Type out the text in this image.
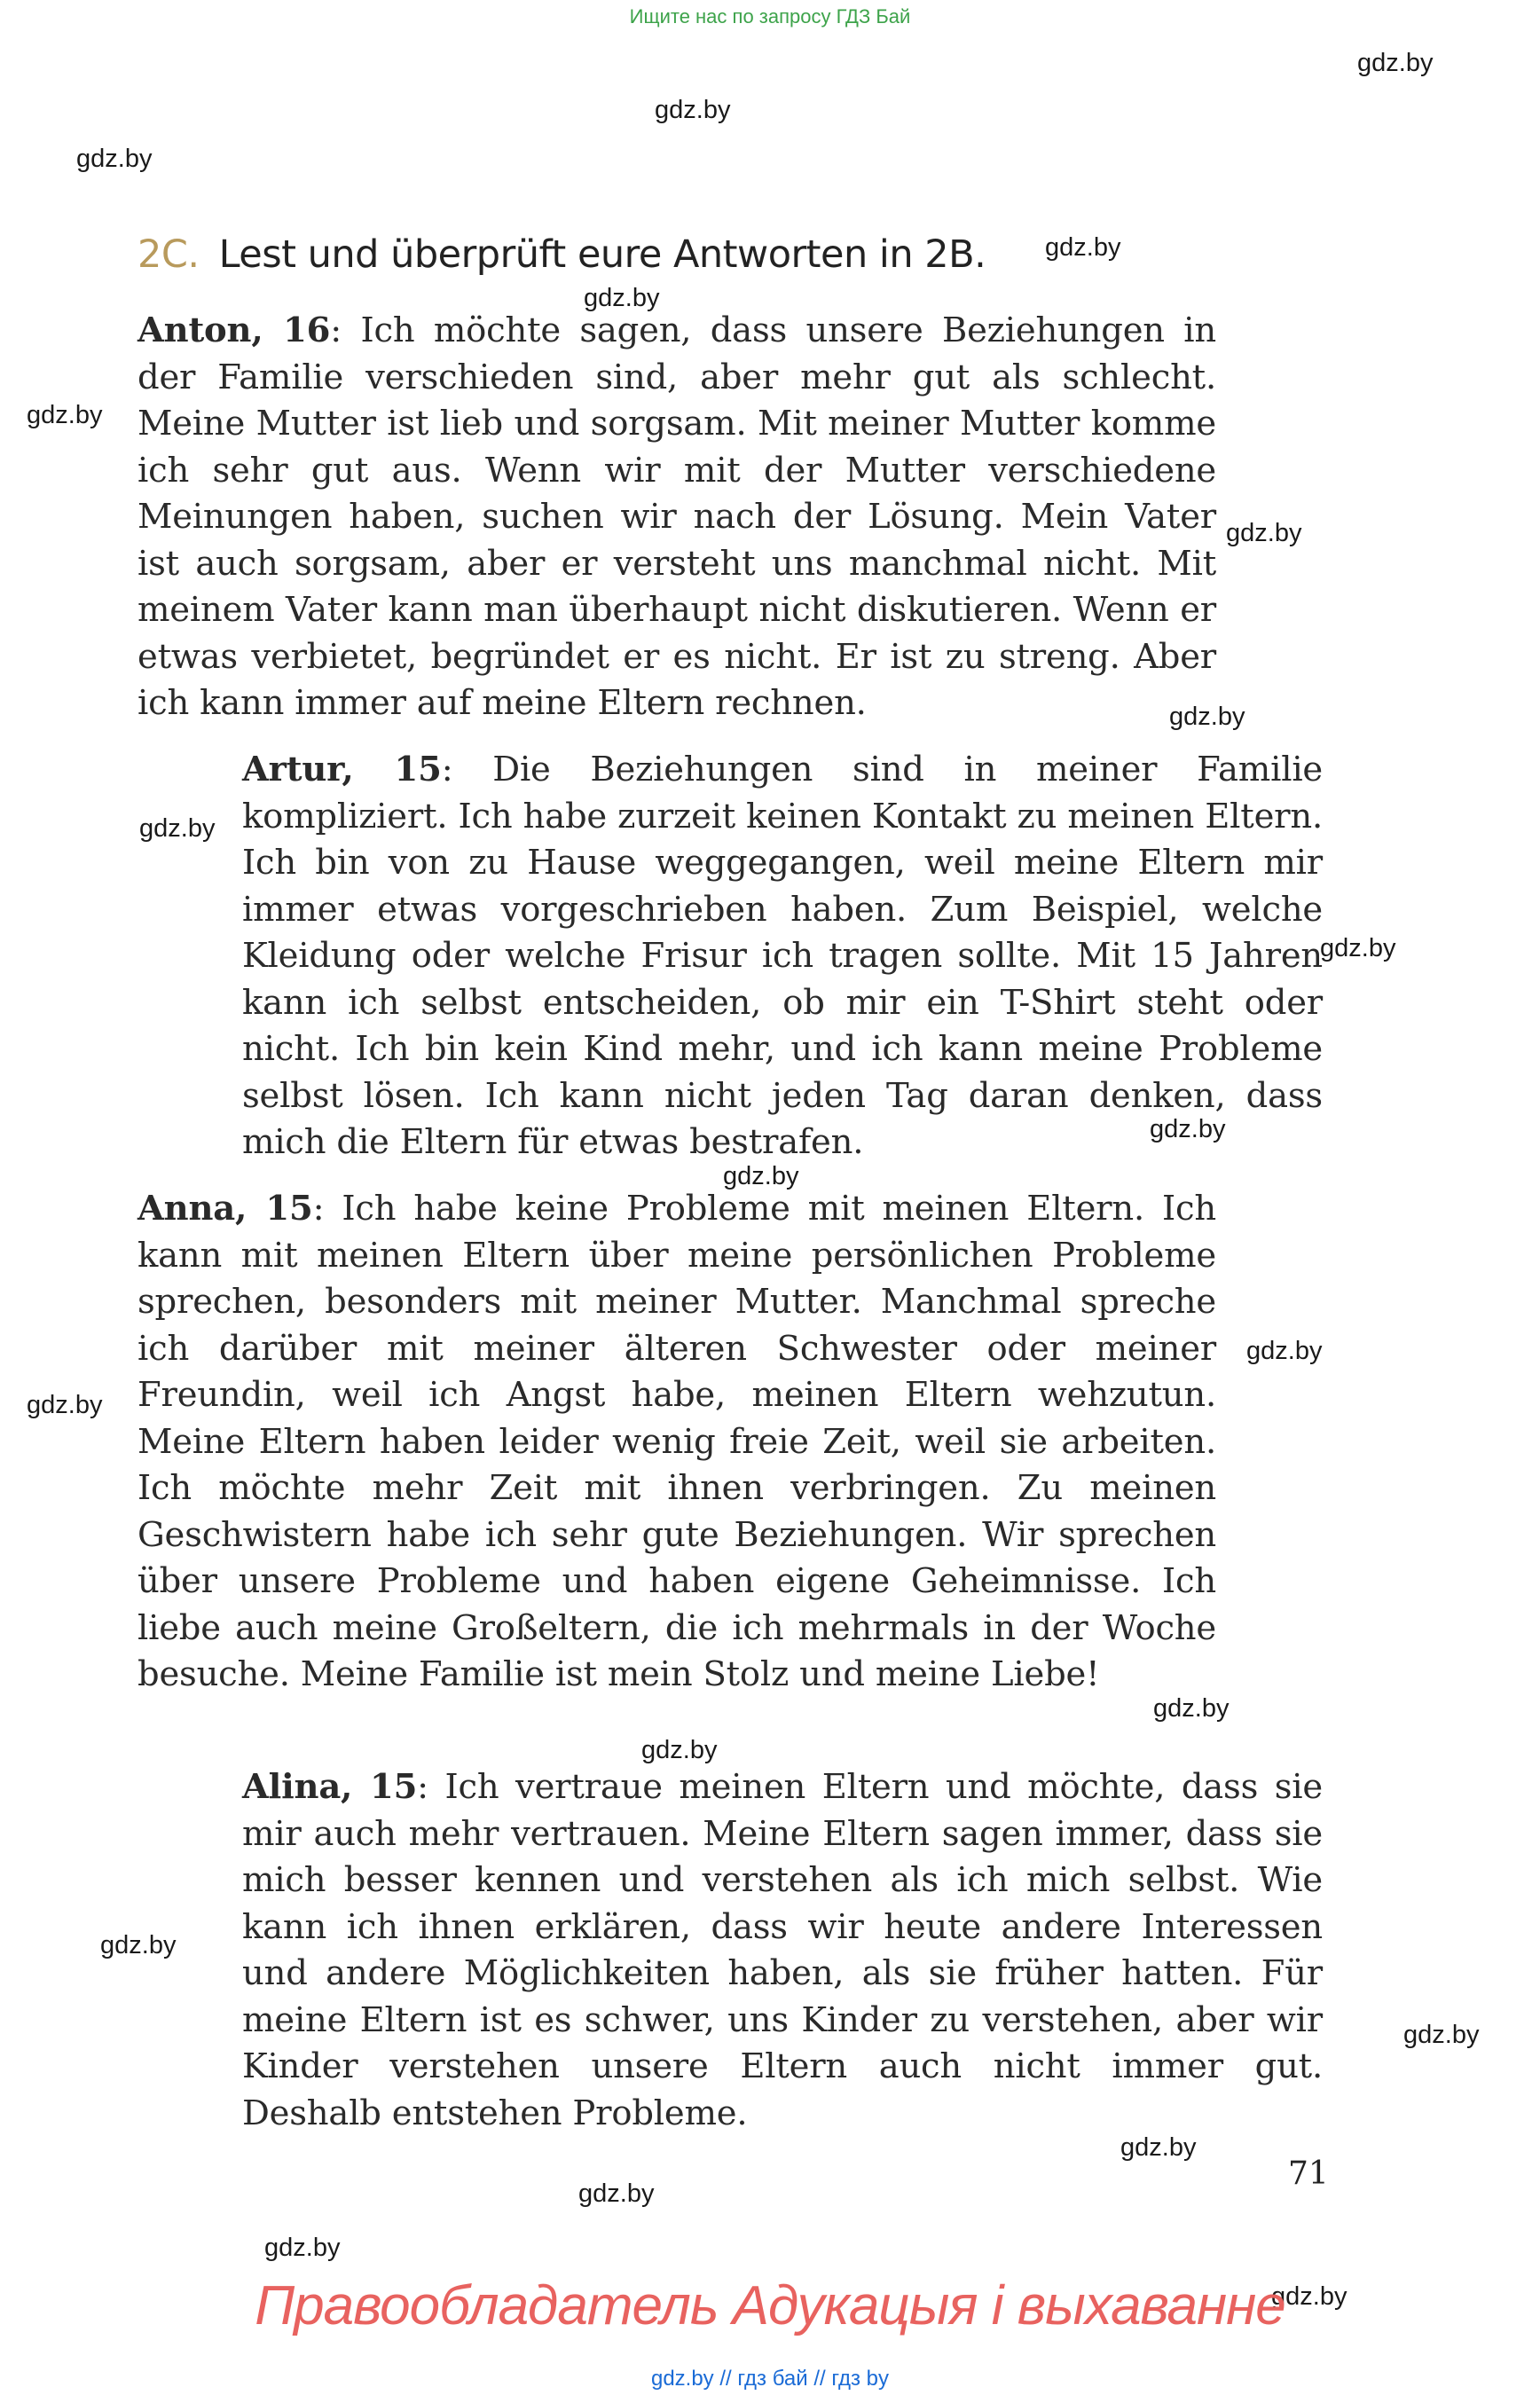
Ищите нас по запросу ГДЗ Бай
gdz.by
gdz.by
gdz.by
gdz.by
gdz.by
gdz.by
gdz.by
gdz.by
gdz.by
gdz.by
gdz.by
gdz.by
gdz.by
gdz.by
gdz.by
gdz.by
gdz.by
gdz.by
gdz.by
gdz.by
gdz.by
gdz.by
2C. Lest und überprüft eure Antworten in 2B.
Anton, 16: Ich möchte sagen, dass unsere Beziehungen in der Familie verschieden sind, aber mehr gut als schlecht. Meine Mutter ist lieb und sorgsam. Mit meiner Mutter komme ich sehr gut aus. Wenn wir mit der Mutter verschiedene Meinungen haben, suchen wir nach der Lösung. Mein Vater ist auch sorgsam, aber er versteht uns manchmal nicht. Mit meinem Vater kann man überhaupt nicht diskutieren. Wenn er etwas verbietet, begründet er es nicht. Er ist zu streng. Aber ich kann immer auf meine Eltern rechnen.
Artur, 15: Die Beziehungen sind in meiner Familie kompliziert. Ich habe zurzeit keinen Kontakt zu meinen Eltern. Ich bin von zu Hause weggegangen, weil meine Eltern mir immer etwas vorgeschrieben haben. Zum Beispiel, welche Kleidung oder welche Frisur ich tragen sollte. Mit 15 Jahren kann ich selbst entscheiden, ob mir ein T-Shirt steht oder nicht. Ich bin kein Kind mehr, und ich kann meine Probleme selbst lösen. Ich kann nicht jeden Tag daran denken, dass mich die Eltern für etwas bestrafen.
Anna, 15: Ich habe keine Probleme mit meinen Eltern. Ich kann mit meinen Eltern über meine persönlichen Probleme sprechen, besonders mit meiner Mutter. Manchmal spreche ich darüber mit meiner älteren Schwester oder meiner Freundin, weil ich Angst habe, meinen Eltern wehzutun. Meine Eltern haben leider wenig freie Zeit, weil sie arbeiten. Ich möchte mehr Zeit mit ihnen verbringen. Zu meinen Geschwistern habe ich sehr gute Beziehungen. Wir sprechen über unsere Probleme und haben eigene Geheimnisse. Ich liebe auch meine Großeltern, die ich mehrmals in der Woche besuche. Meine Familie ist mein Stolz und meine Liebe!
Alina, 15: Ich vertraue meinen Eltern und möchte, dass sie mir auch mehr vertrauen. Meine Eltern sagen immer, dass sie mich besser kennen und verstehen als ich mich selbst. Wie kann ich ihnen erklären, dass wir heute andere Interessen und andere Möglichkeiten haben, als sie früher hatten. Für meine Eltern ist es schwer, uns Kinder zu verstehen, aber wir Kinder verstehen unsere Eltern auch nicht immer gut. Deshalb entstehen Probleme.
71
Правообладатель Адукацыя і выхаванне
gdz.by // гдз бай // гдз by
